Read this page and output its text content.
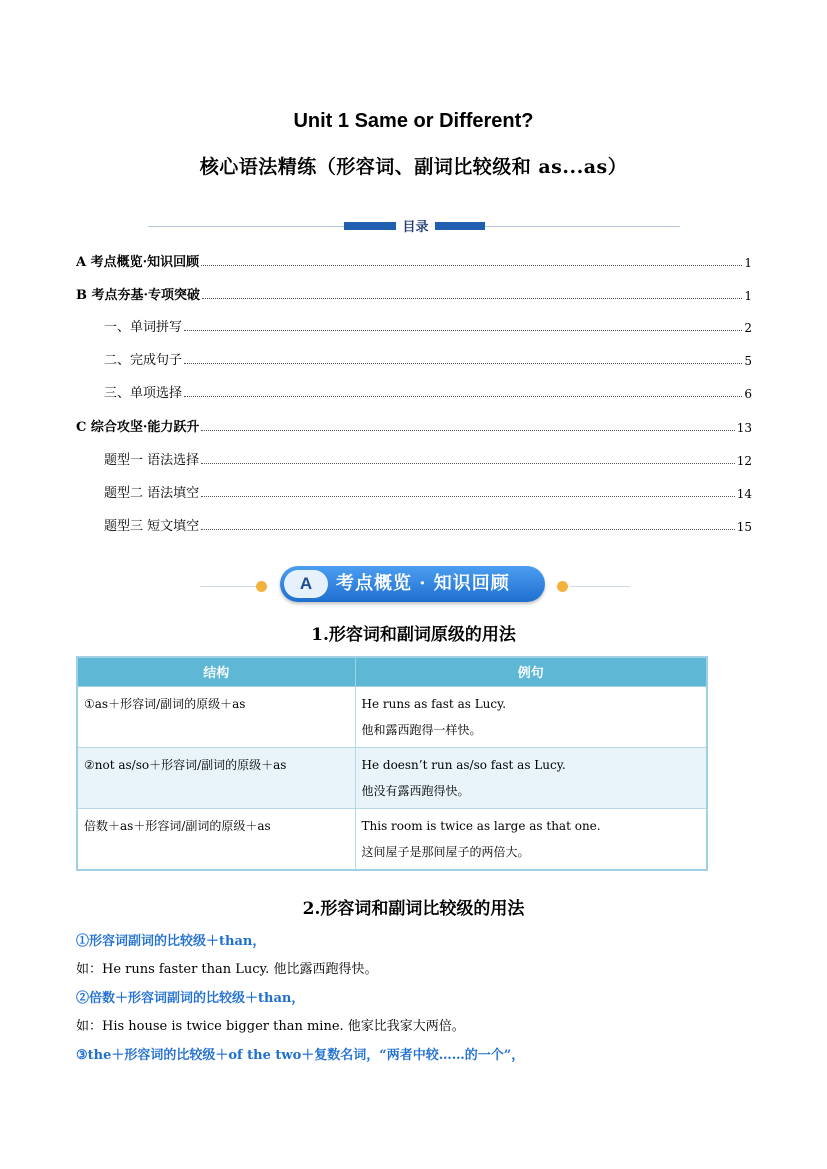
Unit 1 Same or Different?
核心语法精练（形容词、副词比较级和 as...as）
目录
A 考点概览·知识回顾	1
B 考点夯基·专项突破	1
一、单词拼写	2
二、完成句子	5
三、单项选择	6
C 综合攻坚·能力跃升	13
题型一 语法选择	12
题型二 语法填空	14
题型三 短文填空	15
A	考点概览 · 知识回顾
1.形容词和副词原级的用法
结构	例句
①as＋形容词/副词的原级＋as	He runs as fast as Lucy.
他和露西跑得一样快。

②not as/so＋形容词/副词的原级＋as	He doesn’t run as/so fast as Lucy.
他没有露西跑得快。

倍数＋as＋形容词/副词的原级＋as	This room is twice as large as that one.
这间屋子是那间屋子的两倍大。
2.形容词和副词比较级的用法
①形容词副词的比较级＋than，
如：He runs faster than Lucy. 他比露西跑得快。
②倍数＋形容词副词的比较级＋than，
如：His house is twice bigger than mine. 他家比我家大两倍。
③the＋形容词的比较级＋of the two＋复数名词，“两者中较……的一个”，
